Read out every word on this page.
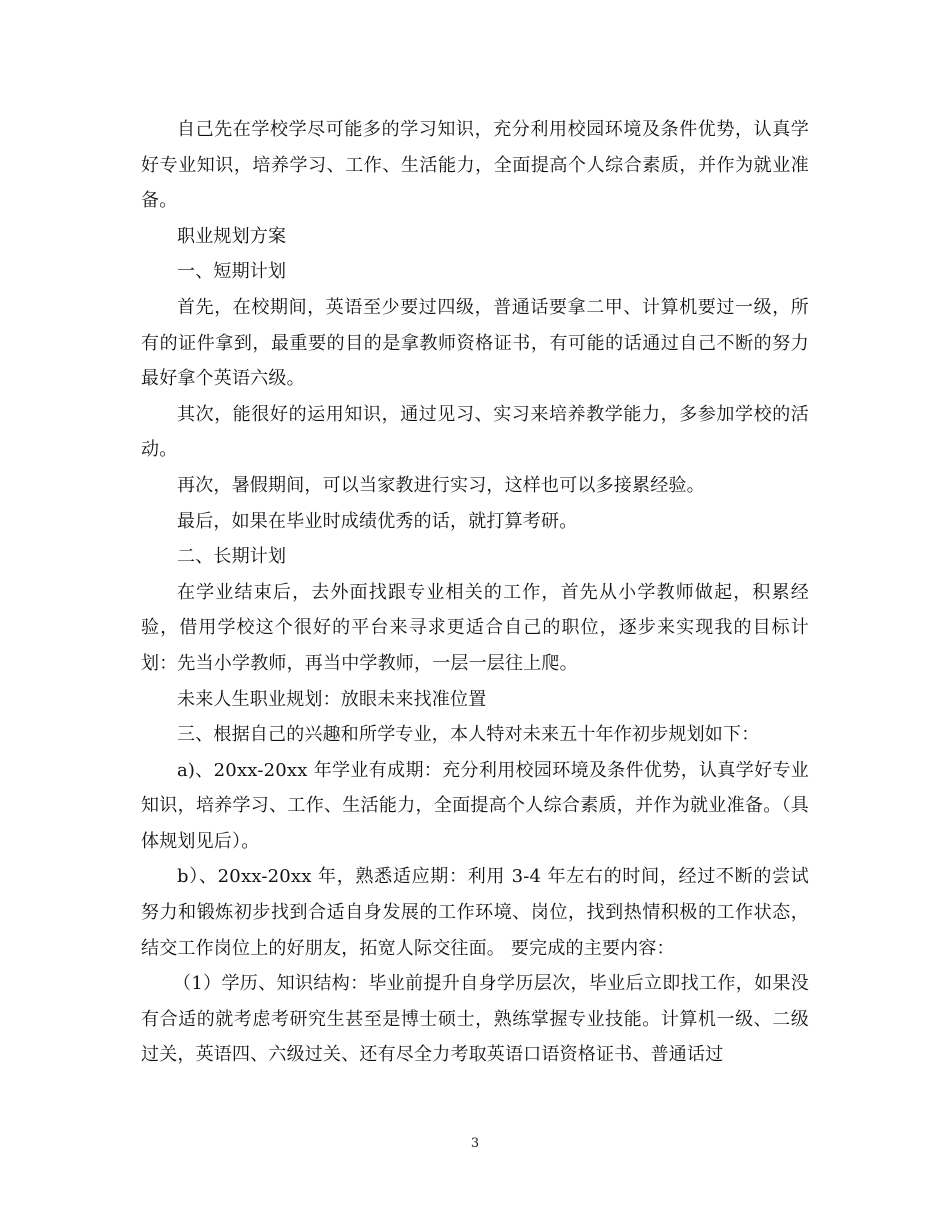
自己先在学校学尽可能多的学习知识，充分利用校园环境及条件优势，认真学好专业知识，培养学习、工作、生活能力，全面提高个人综合素质，并作为就业准备。

职业规划方案

一、短期计划

首先，在校期间，英语至少要过四级，普通话要拿二甲、计算机要过一级，所有的证件拿到，最重要的目的是拿教师资格证书，有可能的话通过自己不断的努力最好拿个英语六级。

其次，能很好的运用知识，通过见习、实习来培养教学能力，多参加学校的活动。

再次，暑假期间，可以当家教进行实习，这样也可以多接累经验。

最后，如果在毕业时成绩优秀的话，就打算考研。

二、长期计划

在学业结束后，去外面找跟专业相关的工作，首先从小学教师做起，积累经验，借用学校这个很好的平台来寻求更适合自己的职位，逐步来实现我的目标计划：先当小学教师，再当中学教师，一层一层往上爬。

未来人生职业规划：放眼未来找准位置

三、根据自己的兴趣和所学专业，本人特对未来五十年作初步规划如下：

a)、20xx-20xx 年学业有成期：充分利用校园环境及条件优势，认真学好专业知识，培养学习、工作、生活能力，全面提高个人综合素质，并作为就业准备。（具体规划见后）。

b）、20xx-20xx 年，熟悉适应期：利用 3-4 年左右的时间，经过不断的尝试努力和锻炼初步找到合适自身发展的工作环境、岗位，找到热情积极的工作状态，结交工作岗位上的好朋友，拓宽人际交往面。 要完成的主要内容：

（1）学历、知识结构：毕业前提升自身学历层次，毕业后立即找工作，如果没有合适的就考虑考研究生甚至是博士硕士，熟练掌握专业技能。计算机一级、二级过关，英语四、六级过关、还有尽全力考取英语口语资格证书、普通话过

3
